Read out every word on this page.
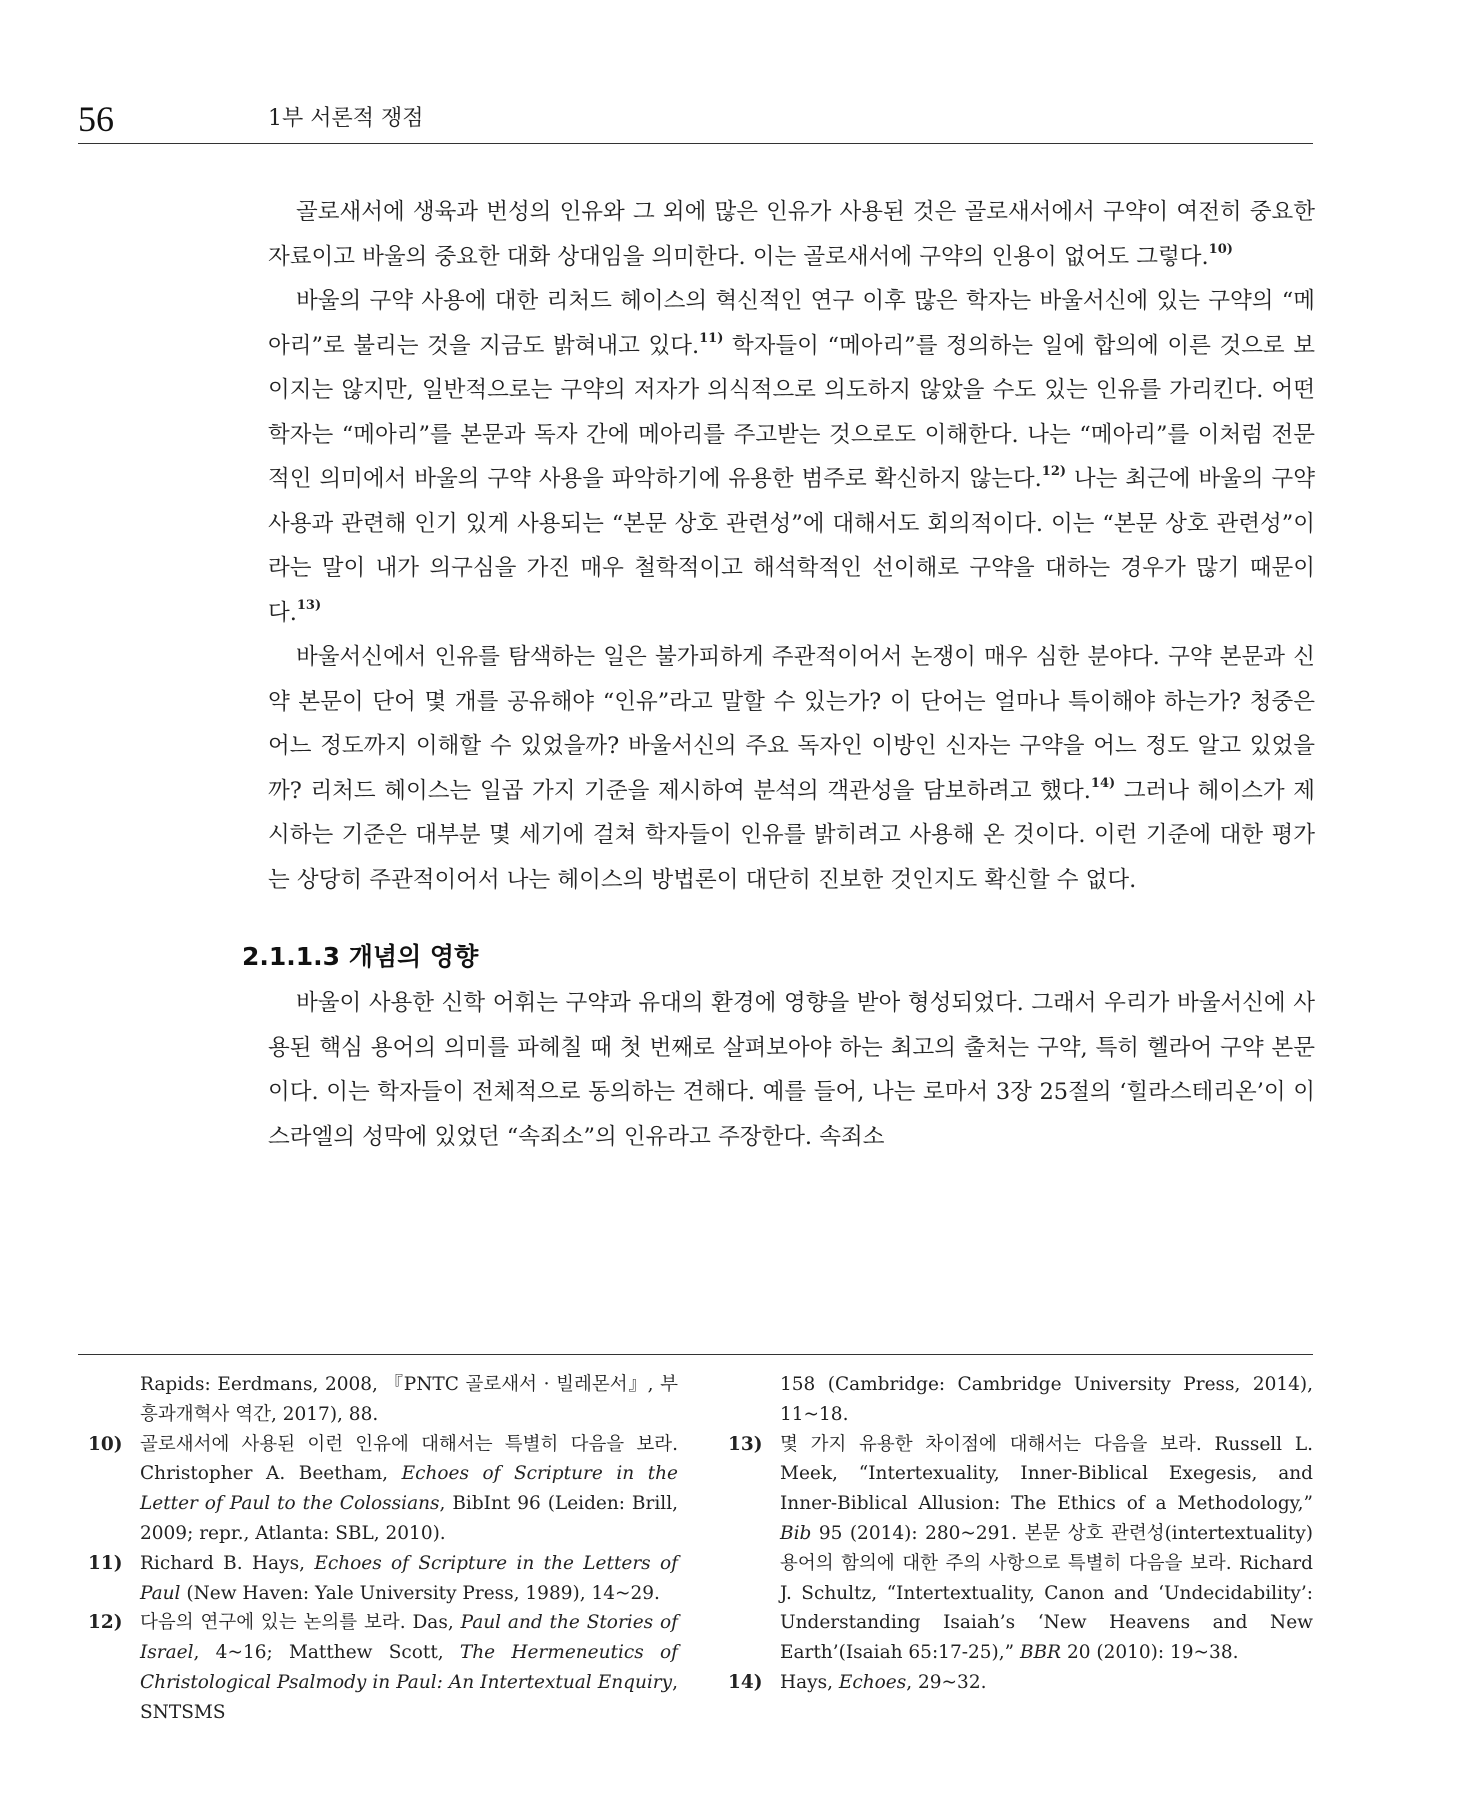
56	1부 서론적 쟁점

골로새서에 생육과 번성의 인유와 그 외에 많은 인유가 사용된 것은 골로새서에서 구약이 여전히 중요한 자료이고 바울의 중요한 대화 상대임을 의미한다. 이는 골로새서에 구약의 인용이 없어도 그렇다.$^{10)}$

바울의 구약 사용에 대한 리처드 헤이스의 혁신적인 연구 이후 많은 학자는 바울서신에 있는 구약의 “메아리”로 불리는 것을 지금도 밝혀내고 있다.$^{11)}$ 학자들이 “메아리”를 정의하는 일에 합의에 이른 것으로 보이지는 않지만, 일반적으로는 구약의 저자가 의식적으로 의도하지 않았을 수도 있는 인유를 가리킨다. 어떤 학자는 “메아리”를 본문과 독자 간에 메아리를 주고받는 것으로도 이해한다. 나는 “메아리”를 이처럼 전문적인 의미에서 바울의 구약 사용을 파악하기에 유용한 범주로 확신하지 않는다.$^{12)}$ 나는 최근에 바울의 구약 사용과 관련해 인기 있게 사용되는 “본문 상호 관련성”에 대해서도 회의적이다. 이는 “본문 상호 관련성”이라는 말이 내가 의구심을 가진 매우 철학적이고 해석학적인 선이해로 구약을 대하는 경우가 많기 때문이다.$^{13)}$

바울서신에서 인유를 탐색하는 일은 불가피하게 주관적이어서 논쟁이 매우 심한 분야다. 구약 본문과 신약 본문이 단어 몇 개를 공유해야 “인유”라고 말할 수 있는가? 이 단어는 얼마나 특이해야 하는가? 청중은 어느 정도까지 이해할 수 있었을까? 바울서신의 주요 독자인 이방인 신자는 구약을 어느 정도 알고 있었을까? 리처드 헤이스는 일곱 가지 기준을 제시하여 분석의 객관성을 담보하려고 했다.$^{14)}$ 그러나 헤이스가 제시하는 기준은 대부분 몇 세기에 걸쳐 학자들이 인유를 밝히려고 사용해 온 것이다. 이런 기준에 대한 평가는 상당히 주관적이어서 나는 헤이스의 방법론이 대단히 진보한 것인지도 확신할 수 없다.

2.1.1.3 개념의 영향

바울이 사용한 신학 어휘는 구약과 유대의 환경에 영향을 받아 형성되었다. 그래서 우리가 바울서신에 사용된 핵심 용어의 의미를 파헤칠 때 첫 번째로 살펴보아야 하는 최고의 출처는 구약, 특히 헬라어 구약 본문이다. 이는 학자들이 전체적으로 동의하는 견해다. 예를 들어, 나는 로마서 3장 25절의 ‘힐라스테리온’이 이스라엘의 성막에 있었던 “속죄소”의 인유라고 주장한다. 속죄소

Rapids: Eerdmans, 2008, 『PNTC 골로새서 · 빌레몬서』, 부흥과개혁사 역간, 2017), 88.

10) 골로새서에 사용된 이런 인유에 대해서는 특별히 다음을 보라. Christopher A. Beetham, Echoes of Scripture in the Letter of Paul to the Colossians, BibInt 96 (Leiden: Brill, 2009; repr., Atlanta: SBL, 2010).

11) Richard B. Hays, Echoes of Scripture in the Letters of Paul (New Haven: Yale University Press, 1989), 14~29.

12) 다음의 연구에 있는 논의를 보라. Das, Paul and the Stories of Israel, 4~16; Matthew Scott, The Hermeneutics of Christological Psalmody in Paul: An Intertextual Enquiry, SNTSMS

158 (Cambridge: Cambridge University Press, 2014), 11~18.

13) 몇 가지 유용한 차이점에 대해서는 다음을 보라. Russell L. Meek, “Intertexuality, Inner-Biblical Exegesis, and Inner-Biblical Allusion: The Ethics of a Methodology,” Bib 95 (2014): 280~291. 본문 상호 관련성(intertextuality) 용어의 함의에 대한 주의 사항으로 특별히 다음을 보라. Richard J. Schultz, “Intertextuality, Canon and ‘Undecidability’: Understanding Isaiah’s ‘New Heavens and New Earth’(Isaiah 65:17-25),” BBR 20 (2010): 19~38.

14) Hays, Echoes, 29~32.
